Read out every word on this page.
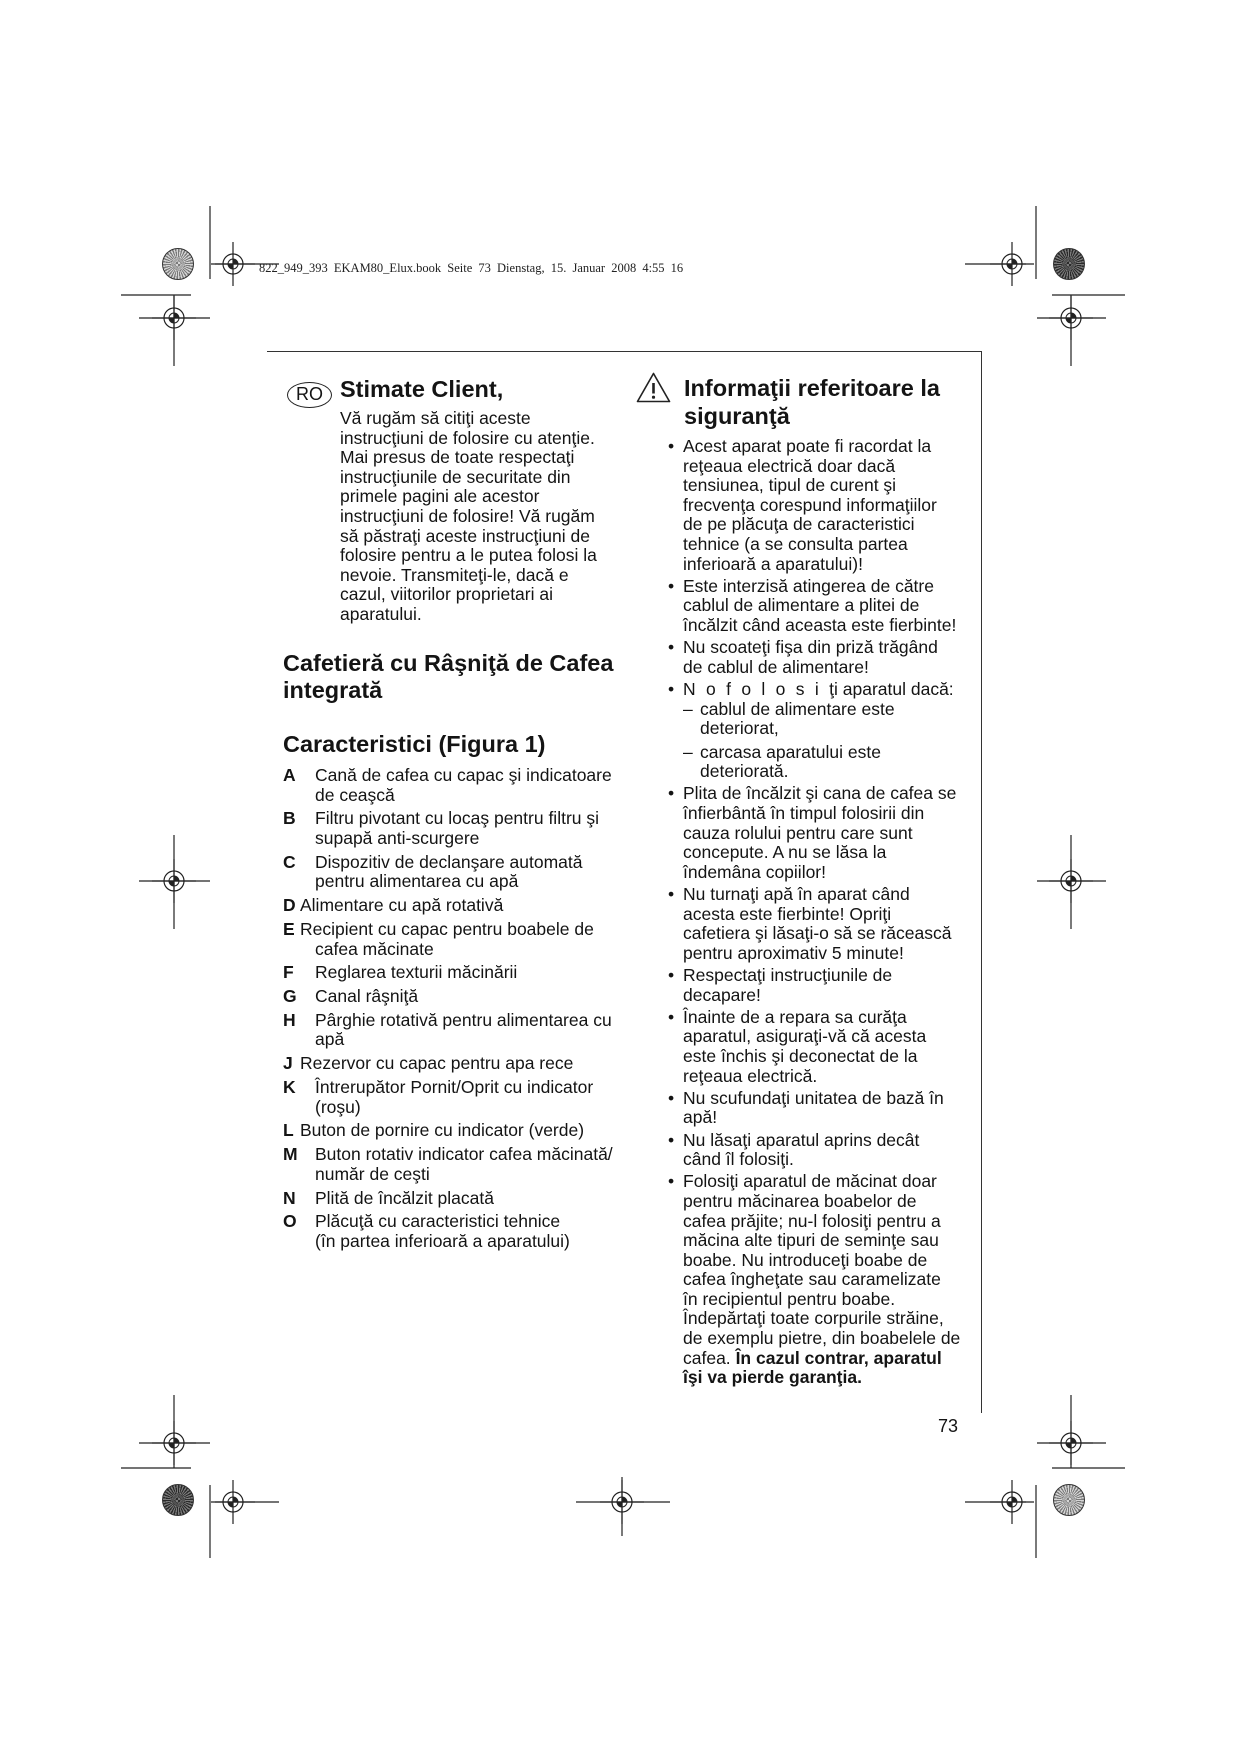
822_949_393 EKAM80_Elux.book Seite 73 Dienstag, 15. Januar 2008 4:55 16
RO Stimate Client,
Vă rugăm să citiţi aceste
instrucţiuni de folosire cu atenţie.
Mai presus de toate respectaţi
instrucţiunile de securitate din
primele pagini ale acestor
instrucţiuni de folosire! Vă rugăm
să păstraţi aceste instrucţiuni de
folosire pentru a le putea folosi la
nevoie. Transmiteţi-le, dacă e
cazul, viitorilor proprietari ai
aparatului.
Cafetieră cu Râşniţă de Cafea
integrată
Caracteristici (Figura 1)
A Cană de cafea cu capac şi indicatoare
de ceaşcă
B Filtru pivotant cu locaş pentru filtru şi
supapă anti-scurgere
C Dispozitiv de declanşare automată
pentru alimentarea cu apă
D Alimentare cu apă rotativă
E Recipient cu capac pentru boabele de
cafea măcinate
F Reglarea texturii măcinării
G Canal râşniţă
H Pârghie rotativă pentru alimentarea cu
apă
J Rezervor cu capac pentru apa rece
K Întrerupător Pornit/Oprit cu indicator
(roşu)
L Buton de pornire cu indicator (verde)
M Buton rotativ indicator cafea măcinată/
număr de ceşti
N Plită de încălzit placată
O Plăcuţă cu caracteristici tehnice
(în partea inferioară a aparatului)
Informaţii referitoare la
siguranţă
• Acest aparat poate fi racordat la
reţeaua electrică doar dacă
tensiunea, tipul de curent şi
frecvenţa corespund informaţiilor
de pe plăcuţa de caracteristici
tehnice (a se consulta partea
inferioară a aparatului)!
• Este interzisă atingerea de către
cablul de alimentare a plitei de
încălzit când aceasta este fierbinte!
• Nu scoateţi fişa din priză trăgând
de cablul de alimentare!
• N o f o l o s i ţi aparatul dacă:
– cablul de alimentare este
deteriorat,
– carcasa aparatului este
deteriorată.
• Plita de încălzit şi cana de cafea se
înfierbântă în timpul folosirii din
cauza rolului pentru care sunt
concepute. A nu se lăsa la
îndemâna copiilor!
• Nu turnaţi apă în aparat când
acesta este fierbinte! Opriţi
cafetiera şi lăsaţi-o să se răcească
pentru aproximativ 5 minute!
• Respectaţi instrucţiunile de
decapare!
• Înainte de a repara sa curăţa
aparatul, asiguraţi-vă că acesta
este închis şi deconectat de la
reţeaua electrică.
• Nu scufundaţi unitatea de bază în
apă!
• Nu lăsaţi aparatul aprins decât
când îl folosiţi.
• Folosiţi aparatul de măcinat doar
pentru măcinarea boabelor de
cafea prăjite; nu-l folosiţi pentru a
măcina alte tipuri de seminţe sau
boabe. Nu introduceţi boabe de
cafea îngheţate sau caramelizate
în recipientul pentru boabe.
Îndepărtaţi toate corpurile străine,
de exemplu pietre, din boabelele de
cafea. În cazul contrar, aparatul
îşi va pierde garanţia.
73
